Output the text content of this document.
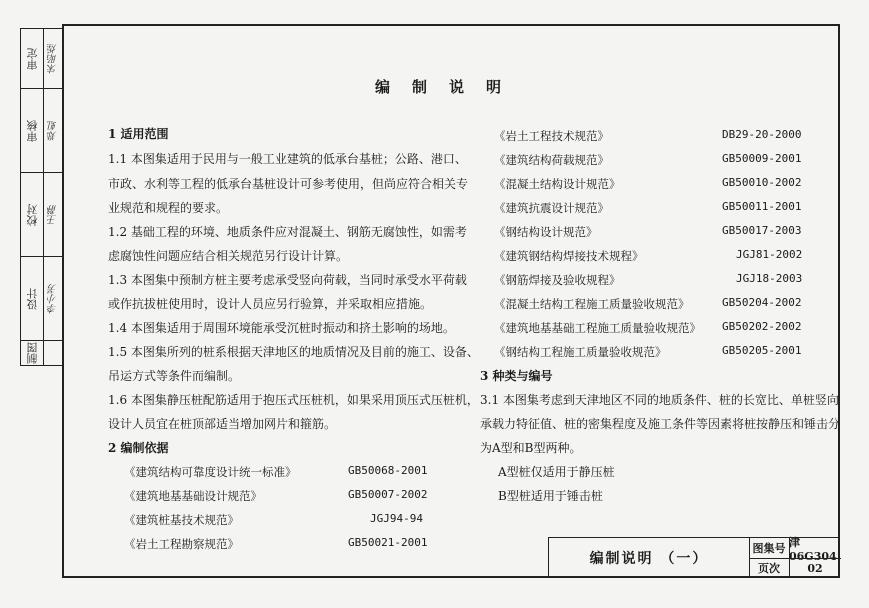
审定 宋昭煌
审核 郑虹
校对 王静
设计 李小芳
制图
编制说明
1 适用范围
1.1 本图集适用于民用与一般工业建筑的低承台基桩；公路、港口、
市政、水利等工程的低承台基桩设计可参考使用，但尚应符合相关专
业规范和规程的要求。
1.2 基础工程的环境、地质条件应对混凝土、钢筋无腐蚀性，如需考
虑腐蚀性问题应结合相关规范另行设计计算。
1.3 本图集中预制方桩主要考虑承受竖向荷载，当同时承受水平荷载
或作抗拔桩使用时，设计人员应另行验算，并采取相应措施。
1.4 本图集适用于周围环境能承受沉桩时振动和挤土影响的场地。
1.5 本图集所列的桩系根据天津地区的地质情况及目前的施工、设备、
吊运方式等条件而编制。
1.6 本图集静压桩配筋适用于抱压式压桩机，如果采用顶压式压桩机，
设计人员宜在桩顶部适当增加网片和箍筋。
2 编制依据
《建筑结构可靠度设计统一标准》	GB50068-2001
《建筑地基基础设计规范》	GB50007-2002
《建筑桩基技术规范》	JGJ94-94
《岩土工程勘察规范》	GB50021-2001
《岩土工程技术规范》	DB29-20-2000
《建筑结构荷载规范》	GB50009-2001
《混凝土结构设计规范》	GB50010-2002
《建筑抗震设计规范》	GB50011-2001
《钢结构设计规范》	GB50017-2003
《建筑钢结构焊接技术规程》	JGJ81-2002
《钢筋焊接及验收规程》	JGJ18-2003
《混凝土结构工程施工质量验收规范》	GB50204-2002
《建筑地基基础工程施工质量验收规范》 GB50202-2002
《钢结构工程施工质量验收规范》	GB50205-2001
3 种类与编号
3.1 本图集考虑到天津地区不同的地质条件、桩的长宽比、单桩竖向
承载力特征值、桩的密集程度及施工条件等因素将桩按静压和锤击分
为A型和B型两种。
A型桩仅适用于静压桩
B型桩适用于锤击桩
编制说明 （一）
图集号 津06G304
页次	02
